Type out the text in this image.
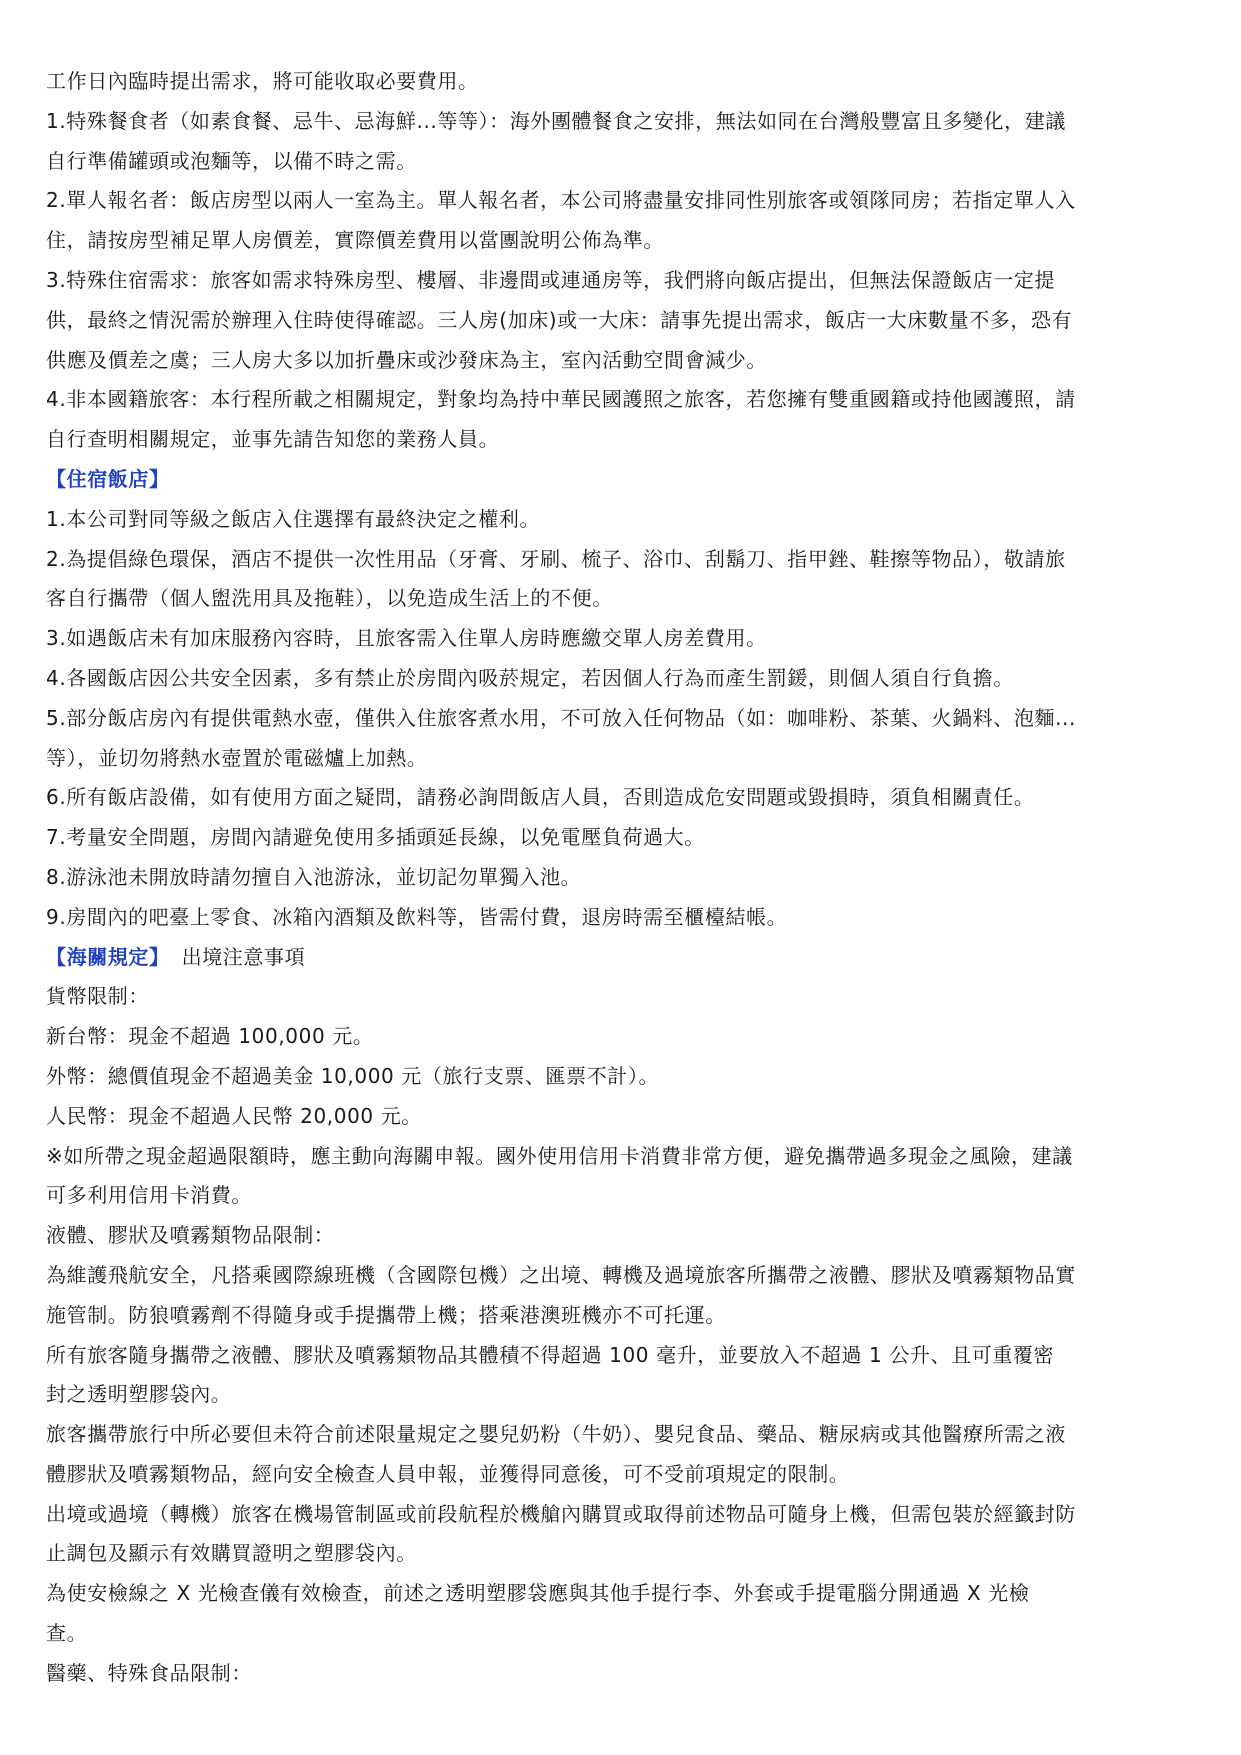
工作日內臨時提出需求，將可能收取必要費用。
1.特殊餐食者（如素食餐、忌牛、忌海鮮...等等）：海外團體餐食之安排，無法如同在台灣般豐富且多變化，建議
自行準備罐頭或泡麵等，以備不時之需。
2.單人報名者：飯店房型以兩人一室為主。單人報名者，本公司將盡量安排同性別旅客或領隊同房；若指定單人入
住，請按房型補足單人房價差，實際價差費用以當團說明公佈為準。
3.特殊住宿需求：旅客如需求特殊房型、樓層、非邊間或連通房等，我們將向飯店提出，但無法保證飯店一定提
供，最終之情況需於辦理入住時使得確認。三人房(加床)或一大床：請事先提出需求，飯店一大床數量不多，恐有
供應及價差之虞；三人房大多以加折疊床或沙發床為主，室內活動空間會減少。
4.非本國籍旅客：本行程所載之相關規定，對象均為持中華民國護照之旅客，若您擁有雙重國籍或持他國護照，請
自行查明相關規定，並事先請告知您的業務人員。
【住宿飯店】
1.本公司對同等級之飯店入住選擇有最終決定之權利。
2.為提倡綠色環保，酒店不提供一次性用品（牙膏、牙刷、梳子、浴巾、刮鬍刀、指甲銼、鞋擦等物品），敬請旅
客自行攜帶（個人盥洗用具及拖鞋），以免造成生活上的不便。
3.如遇飯店未有加床服務內容時，且旅客需入住單人房時應繳交單人房差費用。
4.各國飯店因公共安全因素，多有禁止於房間內吸菸規定，若因個人行為而產生罰鍰，則個人須自行負擔。
5.部分飯店房內有提供電熱水壺，僅供入住旅客煮水用，不可放入任何物品（如：咖啡粉、茶葉、火鍋料、泡麵...
等），並切勿將熱水壺置於電磁爐上加熱。
6.所有飯店設備，如有使用方面之疑問，請務必詢問飯店人員，否則造成危安問題或毀損時，須負相關責任。
7.考量安全問題，房間內請避免使用多插頭延長線，以免電壓負荷過大。
8.游泳池未開放時請勿擅自入池游泳，並切記勿單獨入池。
9.房間內的吧臺上零食、冰箱內酒類及飲料等，皆需付費，退房時需至櫃檯結帳。
【海關規定】 出境注意事項
貨幣限制：
新台幣：現金不超過 100,000 元。
外幣：總價值現金不超過美金 10,000 元（旅行支票、匯票不計）。
人民幣：現金不超過人民幣 20,000 元。
※如所帶之現金超過限額時，應主動向海關申報。國外使用信用卡消費非常方便，避免攜帶過多現金之風險，建議
可多利用信用卡消費。
液體、膠狀及噴霧類物品限制：
為維護飛航安全，凡搭乘國際線班機（含國際包機）之出境、轉機及過境旅客所攜帶之液體、膠狀及噴霧類物品實
施管制。防狼噴霧劑不得隨身或手提攜帶上機；搭乘港澳班機亦不可托運。
所有旅客隨身攜帶之液體、膠狀及噴霧類物品其體積不得超過 100 毫升，並要放入不超過 1 公升、且可重覆密
封之透明塑膠袋內。
旅客攜帶旅行中所必要但未符合前述限量規定之嬰兒奶粉（牛奶）、嬰兒食品、藥品、糖尿病或其他醫療所需之液
體膠狀及噴霧類物品，經向安全檢查人員申報，並獲得同意後，可不受前項規定的限制。
出境或過境（轉機）旅客在機場管制區或前段航程於機艙內購買或取得前述物品可隨身上機，但需包裝於經籤封防
止調包及顯示有效購買證明之塑膠袋內。
為使安檢線之 X 光檢查儀有效檢查，前述之透明塑膠袋應與其他手提行李、外套或手提電腦分開通過 X 光檢
查。
醫藥、特殊食品限制：
